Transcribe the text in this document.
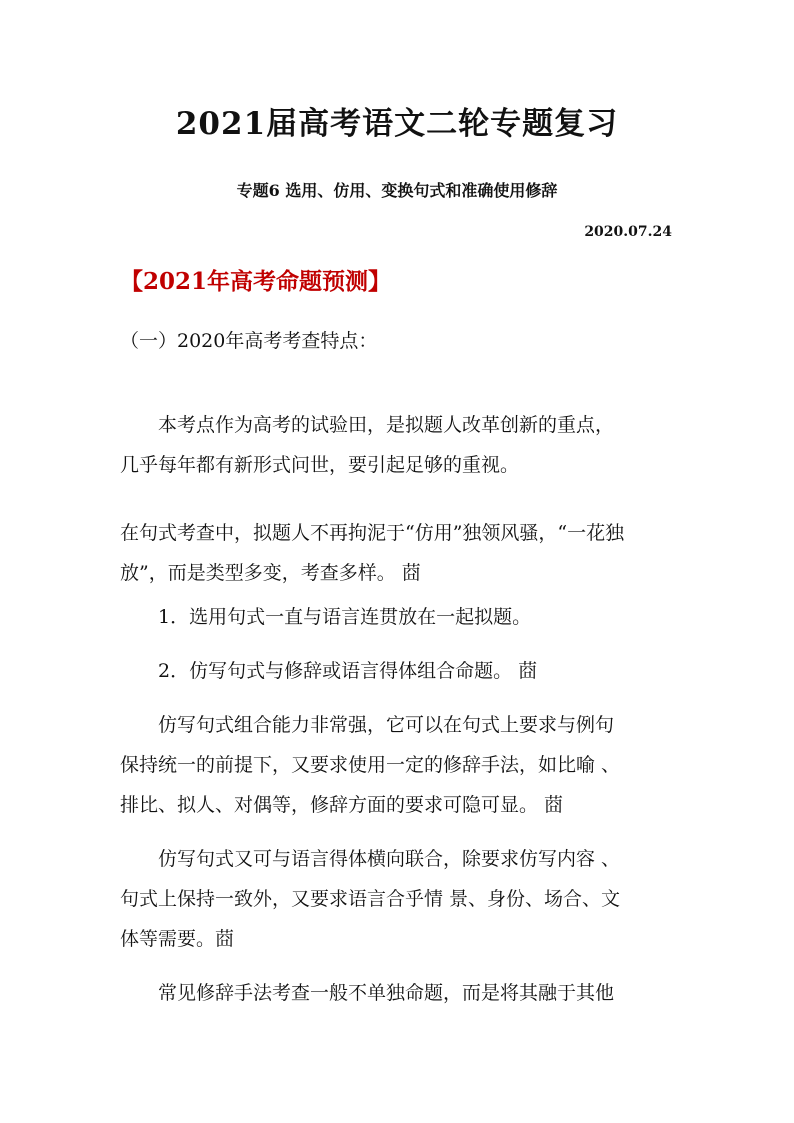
2021届高考语文二轮专题复习
专题6 选用、仿用、变换句式和准确使用修辞
2020.07.24
【2021年高考命题预测】
（一）2020年高考考查特点：
本考点作为高考的试验田，是拟题人改革创新的重点，
几乎每年都有新形式问世，要引起足够的重视。
在句式考查中，拟题人不再拘泥于“仿用”独领风骚，“一花独
放”，而是类型多变，考查多样。 莔
1．选用句式一直与语言连贯放在一起拟题。
2．仿写句式与修辞或语言得体组合命题。 莔
仿写句式组合能力非常强，它可以在句式上要求与例句
保持统一的前提下，又要求使用一定的修辞手法，如比喻 、
排比、拟人、对偶等，修辞方面的要求可隐可显。 莔
仿写句式又可与语言得体横向联合，除要求仿写内容 、
句式上保持一致外，又要求语言合乎情 景、身份、场合、文
体等需要。莔
常见修辞手法考查一般不单独命题，而是将其融于其他
